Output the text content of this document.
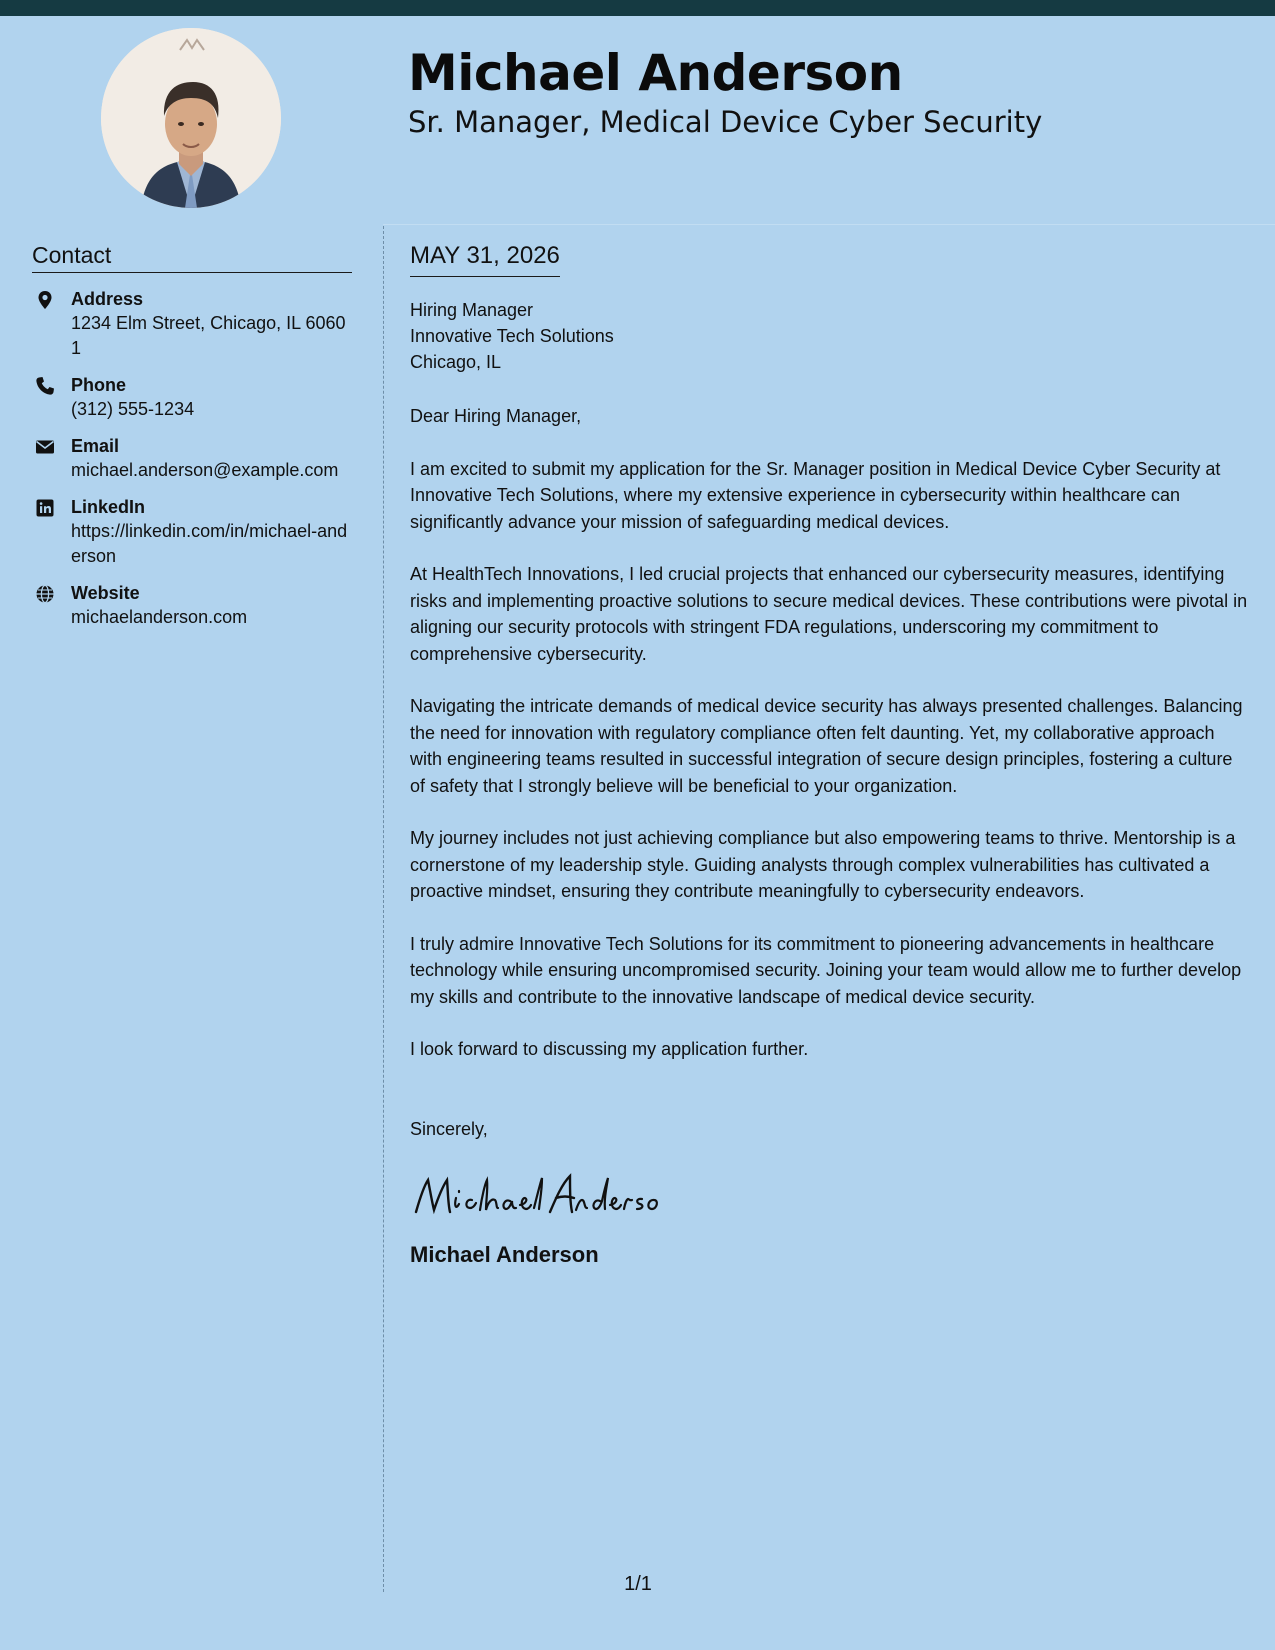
Michael Anderson
Sr. Manager, Medical Device Cyber Security
Contact
Address
1234 Elm Street, Chicago, IL 60601
Phone
(312) 555-1234
Email
michael.anderson@example.com
LinkedIn
https://linkedin.com/in/michael-anderson
Website
michaelanderson.com
MAY 31, 2026
Hiring Manager
Innovative Tech Solutions
Chicago, IL
Dear Hiring Manager,

I am excited to submit my application for the Sr. Manager position in Medical Device Cyber Security at Innovative Tech Solutions, where my extensive experience in cybersecurity within healthcare can significantly advance your mission of safeguarding medical devices.

At HealthTech Innovations, I led crucial projects that enhanced our cybersecurity measures, identifying risks and implementing proactive solutions to secure medical devices. These contributions were pivotal in aligning our security protocols with stringent FDA regulations, underscoring my commitment to comprehensive cybersecurity.

Navigating the intricate demands of medical device security has always presented challenges. Balancing the need for innovation with regulatory compliance often felt daunting. Yet, my collaborative approach with engineering teams resulted in successful integration of secure design principles, fostering a culture of safety that I strongly believe will be beneficial to your organization.

My journey includes not just achieving compliance but also empowering teams to thrive. Mentorship is a cornerstone of my leadership style. Guiding analysts through complex vulnerabilities has cultivated a proactive mindset, ensuring they contribute meaningfully to cybersecurity endeavors.

I truly admire Innovative Tech Solutions for its commitment to pioneering advancements in healthcare technology while ensuring uncompromised security. Joining your team would allow me to further develop my skills and contribute to the innovative landscape of medical device security.

I look forward to discussing my application further.
Sincerely,
Michael Anderson
1/1
